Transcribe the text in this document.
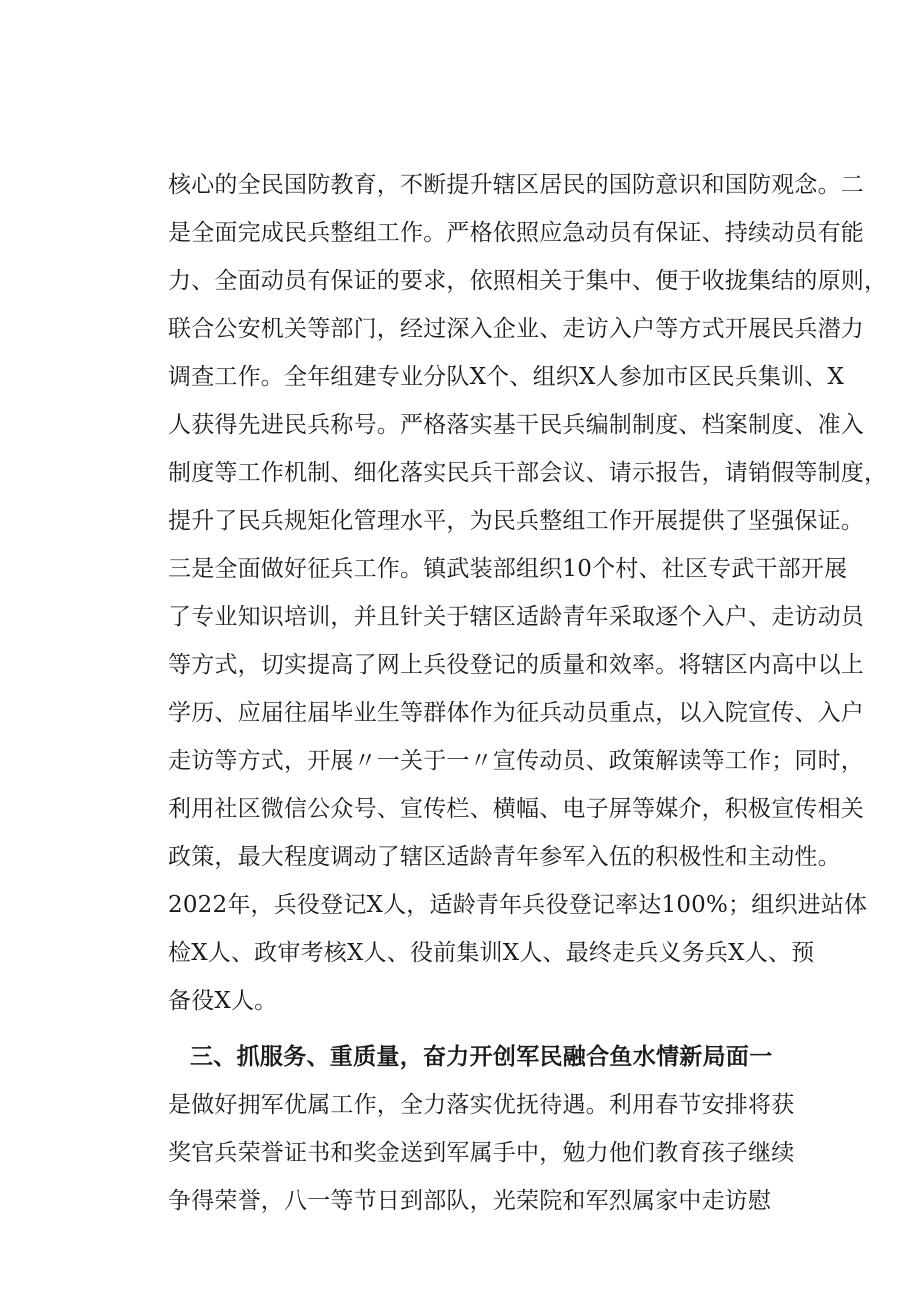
核心的全民国防教育，不断提升辖区居民的国防意识和国防观念。二
是全面完成民兵整组工作。严格依照应急动员有保证、持续动员有能
力、全面动员有保证的要求，依照相关于集中、便于收拢集结的原则，
联合公安机关等部门，经过深入企业、走访入户等方式开展民兵潜力
调查工作。全年组建专业分队X个、组织X人参加市区民兵集训、X
人获得先进民兵称号。严格落实基干民兵编制制度、档案制度、准入
制度等工作机制、细化落实民兵干部会议、请示报告，请销假等制度，
提升了民兵规矩化管理水平，为民兵整组工作开展提供了坚强保证。
三是全面做好征兵工作。镇武装部组织10个村、社区专武干部开展
了专业知识培训，并且针关于辖区适龄青年采取逐个入户、走访动员
等方式，切实提高了网上兵役登记的质量和效率。将辖区内高中以上
学历、应届往届毕业生等群体作为征兵动员重点，以入院宣传、入户
走访等方式，开展〃一关于一〃宣传动员、政策解读等工作；同时，
利用社区微信公众号、宣传栏、横幅、电子屏等媒介，积极宣传相关
政策，最大程度调动了辖区适龄青年参军入伍的积极性和主动性。
2022年，兵役登记X人，适龄青年兵役登记率达100%；组织进站体
检X人、政审考核X人、役前集训X人、最终走兵义务兵X人、预
备役X人。
三、抓服务、重质量，奋力开创军民融合鱼水情新局面一
是做好拥军优属工作，全力落实优抚待遇。利用春节安排将获
奖官兵荣誉证书和奖金送到军属手中，勉力他们教育孩子继续
争得荣誉，八一等节日到部队，光荣院和军烈属家中走访慰
